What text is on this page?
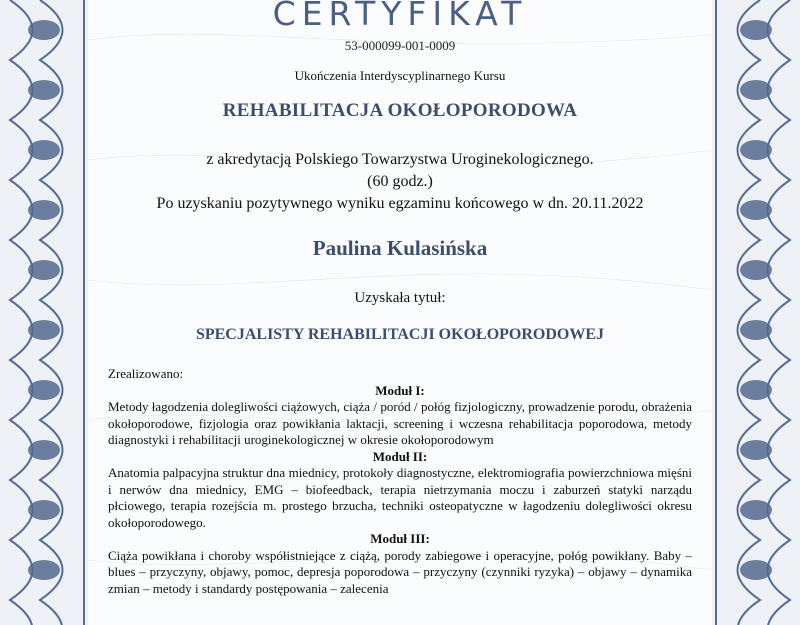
CERTYFIKAT
53-000099-001-0009
Ukończenia Interdyscyplinarnego Kursu
REHABILITACJA OKOŁOPORODOWA
z akredytacją Polskiego Towarzystwa Uroginekologicznego.
(60 godz.)
Po uzyskaniu pozytywnego wyniku egzaminu końcowego w dn. 20.11.2022
Paulina Kulasińska
Uzyskała tytuł:
SPECJALISTY REHABILITACJI OKOŁOPORODOWEJ

Zrealizowano:

Moduł I:

Metody łagodzenia dolegliwości ciążowych, ciąża / poród / połóg fizjologiczny, prowadzenie porodu, obrażenia okołoporodowe, fizjologia oraz powikłania laktacji, screening i wczesna rehabilitacja poporodowa, metody diagnostyki i rehabilitacji uroginekologicznej w okresie okołoporodowym

Moduł II:

Anatomia palpacyjna struktur dna miednicy, protokoły diagnostyczne, elektromiografia powierzchniowa mięśni i nerwów dna miednicy, EMG – biofeedback, terapia nietrzymania moczu i zaburzeń statyki narządu płciowego, terapia rozejścia m. prostego brzucha, techniki osteopatyczne w łagodzeniu dolegliwości okresu okołoporodowego.

Moduł III:

Ciąża powikłana i choroby współistniejące z ciążą, porody zabiegowe i operacyjne, połóg powikłany. Baby – blues – przyczyny, objawy, pomoc, depresja poporodowa – przyczyny (czynniki ryzyka) – objawy – dynamika zmian – metody i standardy postępowania – zalecenia
